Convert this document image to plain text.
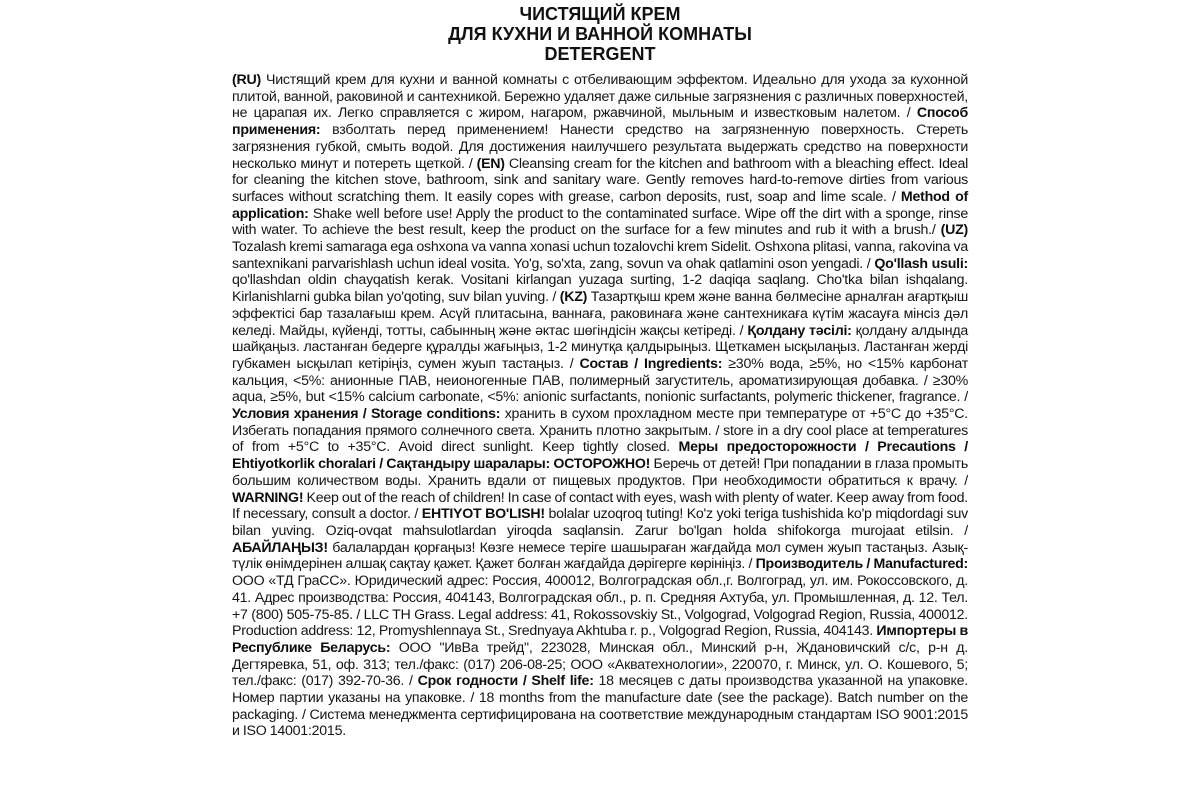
ЧИСТЯЩИЙ КРЕМ
ДЛЯ КУХНИ И ВАННОЙ КОМНАТЫ
DETERGENT
(RU) Чистящий крем для кухни и ванной комнаты с отбеливающим эффектом. Идеально для ухода за кухонной плитой, ванной, раковиной и сантехникой. Бережно удаляет даже сильные загрязнения с различных поверхностей, не царапая их. Легко справляется с жиром, нагаром, ржавчиной, мыльным и известковым налетом. / Способ применения: взболтать перед применением! Нанести средство на загрязненную поверхность. Стереть загрязнения губкой, смыть водой. Для достижения наилучшего результата выдержать средство на поверхности несколько минут и потереть щеткой. / (EN) Cleansing cream for the kitchen and bathroom with a bleaching effect. Ideal for cleaning the kitchen stove, bathroom, sink and sanitary ware. Gently removes hard-to-remove dirties from various surfaces without scratching them. It easily copes with grease, carbon deposits, rust, soap and lime scale. / Method of application: Shake well before use! Apply the product to the contaminated surface. Wipe off the dirt with a sponge, rinse with water. To achieve the best result, keep the product on the surface for a few minutes and rub it with a brush./ (UZ) Tozalash kremi samaraga ega oshxona va vanna xonasi uchun tozalovchi krem Sidelit. Oshxona plitasi, vanna, rakovina va santexnikani parvarishlash uchun ideal vosita. Yo'g, so'xta, zang, sovun va ohak qatlamini oson yengadi. / Qo'llash usuli: qo'llashdan oldin chayqatish kerak. Vositani kirlangan yuzaga surting, 1-2 daqiqa saqlang. Cho'tka bilan ishqalang. Kirlanishlarni gubka bilan yo'qoting, suv bilan yuving. / (KZ) Тазартқыш крем және ванна бөлмесіне арналған ағартқыш эффектісі бар тазалағыш крем. Асүй плитасына, ваннаға, раковинаға және сантехникаға күтім жасауға мінсіз дәл келеді. Майды, күйенді, тотты, сабынның және әктас шөгіндісін жақсы кетіреді. / Қолдану тәсілі: қолдану алдында шайқаңыз. ластанған бедерге құралды жағыңыз, 1-2 минутқа қалдырыңыз. Щеткамен ысқылаңыз. Ластанған жерді губкамен ысқылап кетіріңіз, сумен жуып тастаңыз. / Состав / Ingredients: ≥30% вода, ≥5%, но <15% карбонат кальция, <5%: анионные ПАВ, неионогенные ПАВ, полимерный загуститель, ароматизирующая добавка. / ≥30% aqua, ≥5%, but <15% calcium carbonate, <5%: anionic surfactants, nonionic surfactants, polymeric thickener, fragrance. / Условия хранения / Storage conditions: хранить в сухом прохладном месте при температуре от +5°С до +35°С. Избегать попадания прямого солнечного света. Хранить плотно закрытым. / store in a dry cool place at temperatures of from +5°С to +35°С. Avoid direct sunlight. Keep tightly closed. Меры предосторожности / Precautions / Ehtiyotkorlik choralari / Сақтандыру шаралары: ОСТОРОЖНО! Беречь от детей! При попадании в глаза промыть большим количеством воды. Хранить вдали от пищевых продуктов. При необходимости обратиться к врачу. / WARNING! Keep out of the reach of children! In case of contact with eyes, wash with plenty of water. Keep away from food. If necessary, consult a doctor. / EHTIYOT BO'LISH! bolalar uzoqroq tuting! Ko'z yoki teriga tushishida ko'p miqdordagi suv bilan yuving. Oziq-ovqat mahsulotlardan yiroqda saqlansin. Zarur bo'lgan holda shifokorga murojaat etilsin. / АБАЙЛАҢЫЗ! балалардан қорғаңыз! Көзге немесе теріге шашыраған жағдайда мол сумен жуып тастаңыз. Азық-түлік өнімдерінен алшақ сақтау қажет. Қажет болған жағдайда дәрігерге көрініңіз. / Производитель / Manufactured: ООО «ТД ГраСС». Юридический адрес: Россия, 400012, Волгоградская обл.,г. Волгоград, ул. им. Рокоссовского, д. 41. Адрес производства: Россия, 404143, Волгоградская обл., р. п. Средняя Ахтуба, ул. Промышленная, д. 12. Тел. +7 (800) 505-75-85. / LLC TH Grass. Legal address: 41, Rokossovskiy St., Volgograd, Volgograd Region, Russia, 400012. Production address: 12, Promyshlennaya St., Srednyaya Akhtuba r. p., Volgograd Region, Russia, 404143. Импортеры в Республике Беларусь: ООО "ИвВа трейд", 223028, Минская обл., Минский р-н, Ждановичский с/с, р-н д. Дегтяревка, 51, оф. 313; тел./факс: (017) 206-08-25; ООО «Акватехнологии», 220070, г. Минск, ул. О. Кошевого, 5; тел./факс: (017) 392-70-36. / Срок годности / Shelf life: 18 месяцев с даты производства указанной на упаковке. Номер партии указаны на упаковке. / 18 months from the manufacture date (see the package). Batch number on the packaging. / Система менеджмента сертифицирована на соответствие международным стандартам ISO 9001:2015 и ISO 14001:2015.
